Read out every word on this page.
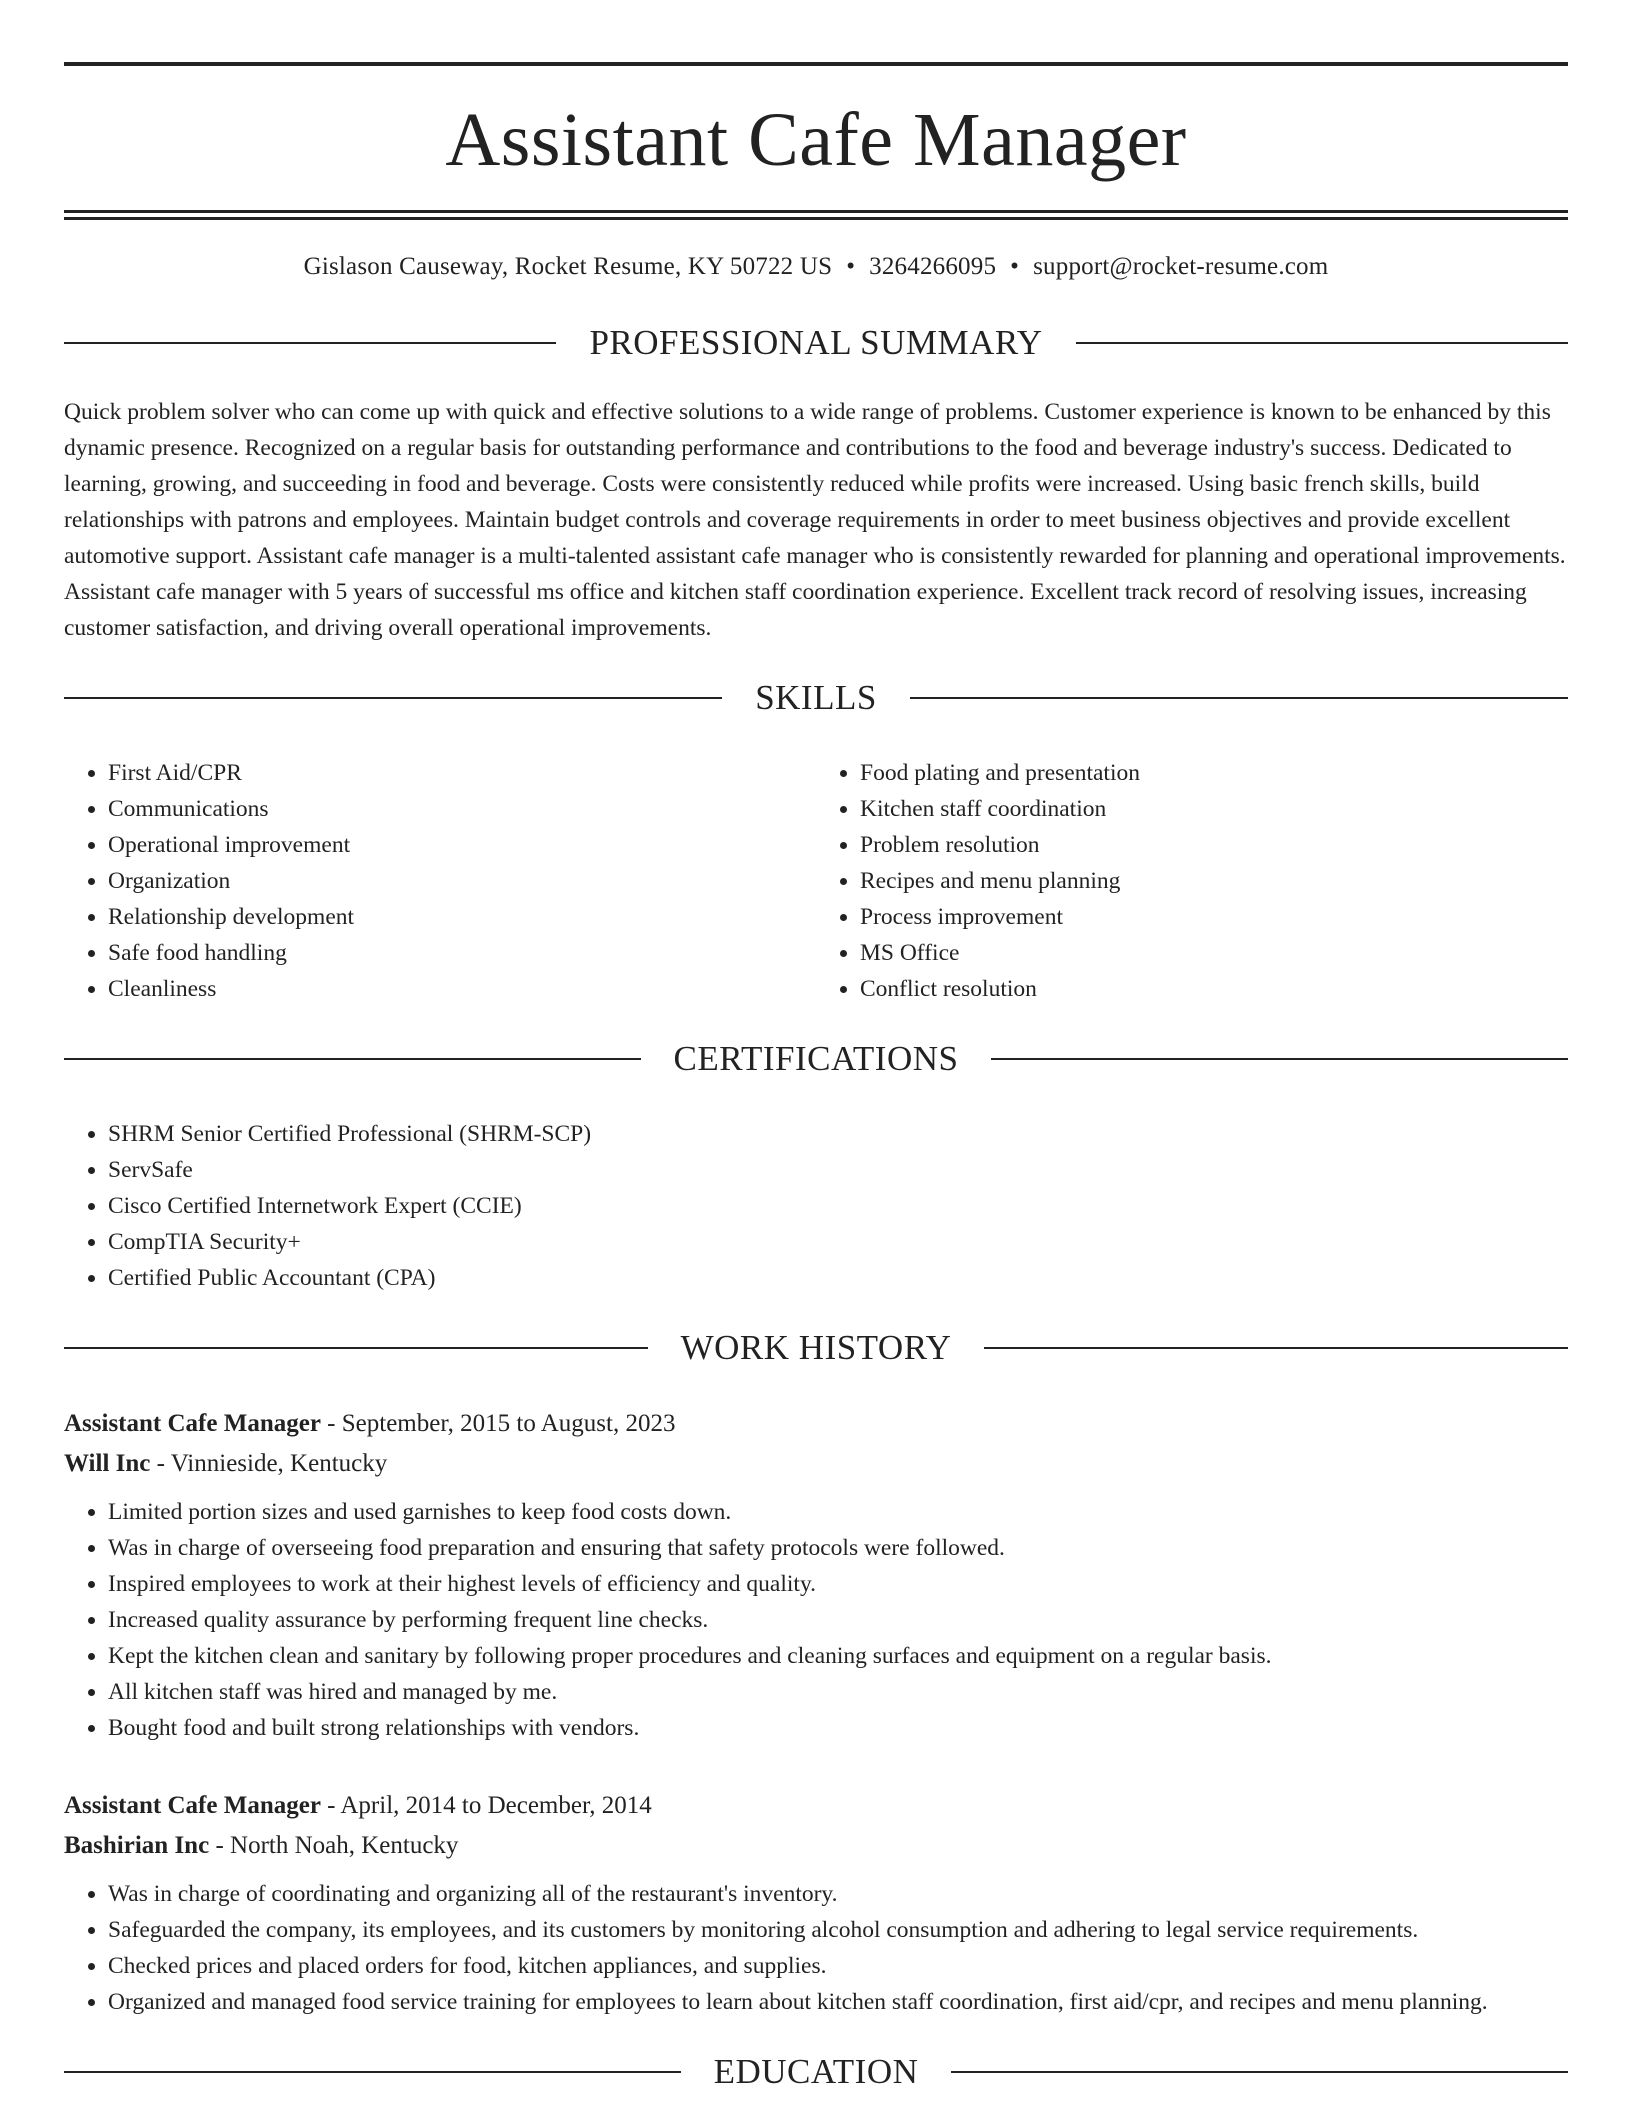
Assistant Cafe Manager
Gislason Causeway, Rocket Resume, KY 50722 US • 3264266095 • support@rocket-resume.com
PROFESSIONAL SUMMARY
Quick problem solver who can come up with quick and effective solutions to a wide range of problems. Customer experience is known to be enhanced by this dynamic presence. Recognized on a regular basis for outstanding performance and contributions to the food and beverage industry's success. Dedicated to learning, growing, and succeeding in food and beverage. Costs were consistently reduced while profits were increased. Using basic french skills, build relationships with patrons and employees. Maintain budget controls and coverage requirements in order to meet business objectives and provide excellent automotive support. Assistant cafe manager is a multi-talented assistant cafe manager who is consistently rewarded for planning and operational improvements. Assistant cafe manager with 5 years of successful ms office and kitchen staff coordination experience. Excellent track record of resolving issues, increasing customer satisfaction, and driving overall operational improvements.
SKILLS
• First Aid/CPR
• Communications
• Operational improvement
• Organization
• Relationship development
• Safe food handling
• Cleanliness
• Food plating and presentation
• Kitchen staff coordination
• Problem resolution
• Recipes and menu planning
• Process improvement
• MS Office
• Conflict resolution
CERTIFICATIONS
• SHRM Senior Certified Professional (SHRM-SCP)
• ServSafe
• Cisco Certified Internetwork Expert (CCIE)
• CompTIA Security+
• Certified Public Accountant (CPA)
WORK HISTORY
Assistant Cafe Manager - September, 2015 to August, 2023
Will Inc - Vinnieside, Kentucky
• Limited portion sizes and used garnishes to keep food costs down.
• Was in charge of overseeing food preparation and ensuring that safety protocols were followed.
• Inspired employees to work at their highest levels of efficiency and quality.
• Increased quality assurance by performing frequent line checks.
• Kept the kitchen clean and sanitary by following proper procedures and cleaning surfaces and equipment on a regular basis.
• All kitchen staff was hired and managed by me.
• Bought food and built strong relationships with vendors.
Assistant Cafe Manager - April, 2014 to December, 2014
Bashirian Inc - North Noah, Kentucky
• Was in charge of coordinating and organizing all of the restaurant's inventory.
• Safeguarded the company, its employees, and its customers by monitoring alcohol consumption and adhering to legal service requirements.
• Checked prices and placed orders for food, kitchen appliances, and supplies.
• Organized and managed food service training for employees to learn about kitchen staff coordination, first aid/cpr, and recipes and menu planning.
EDUCATION
